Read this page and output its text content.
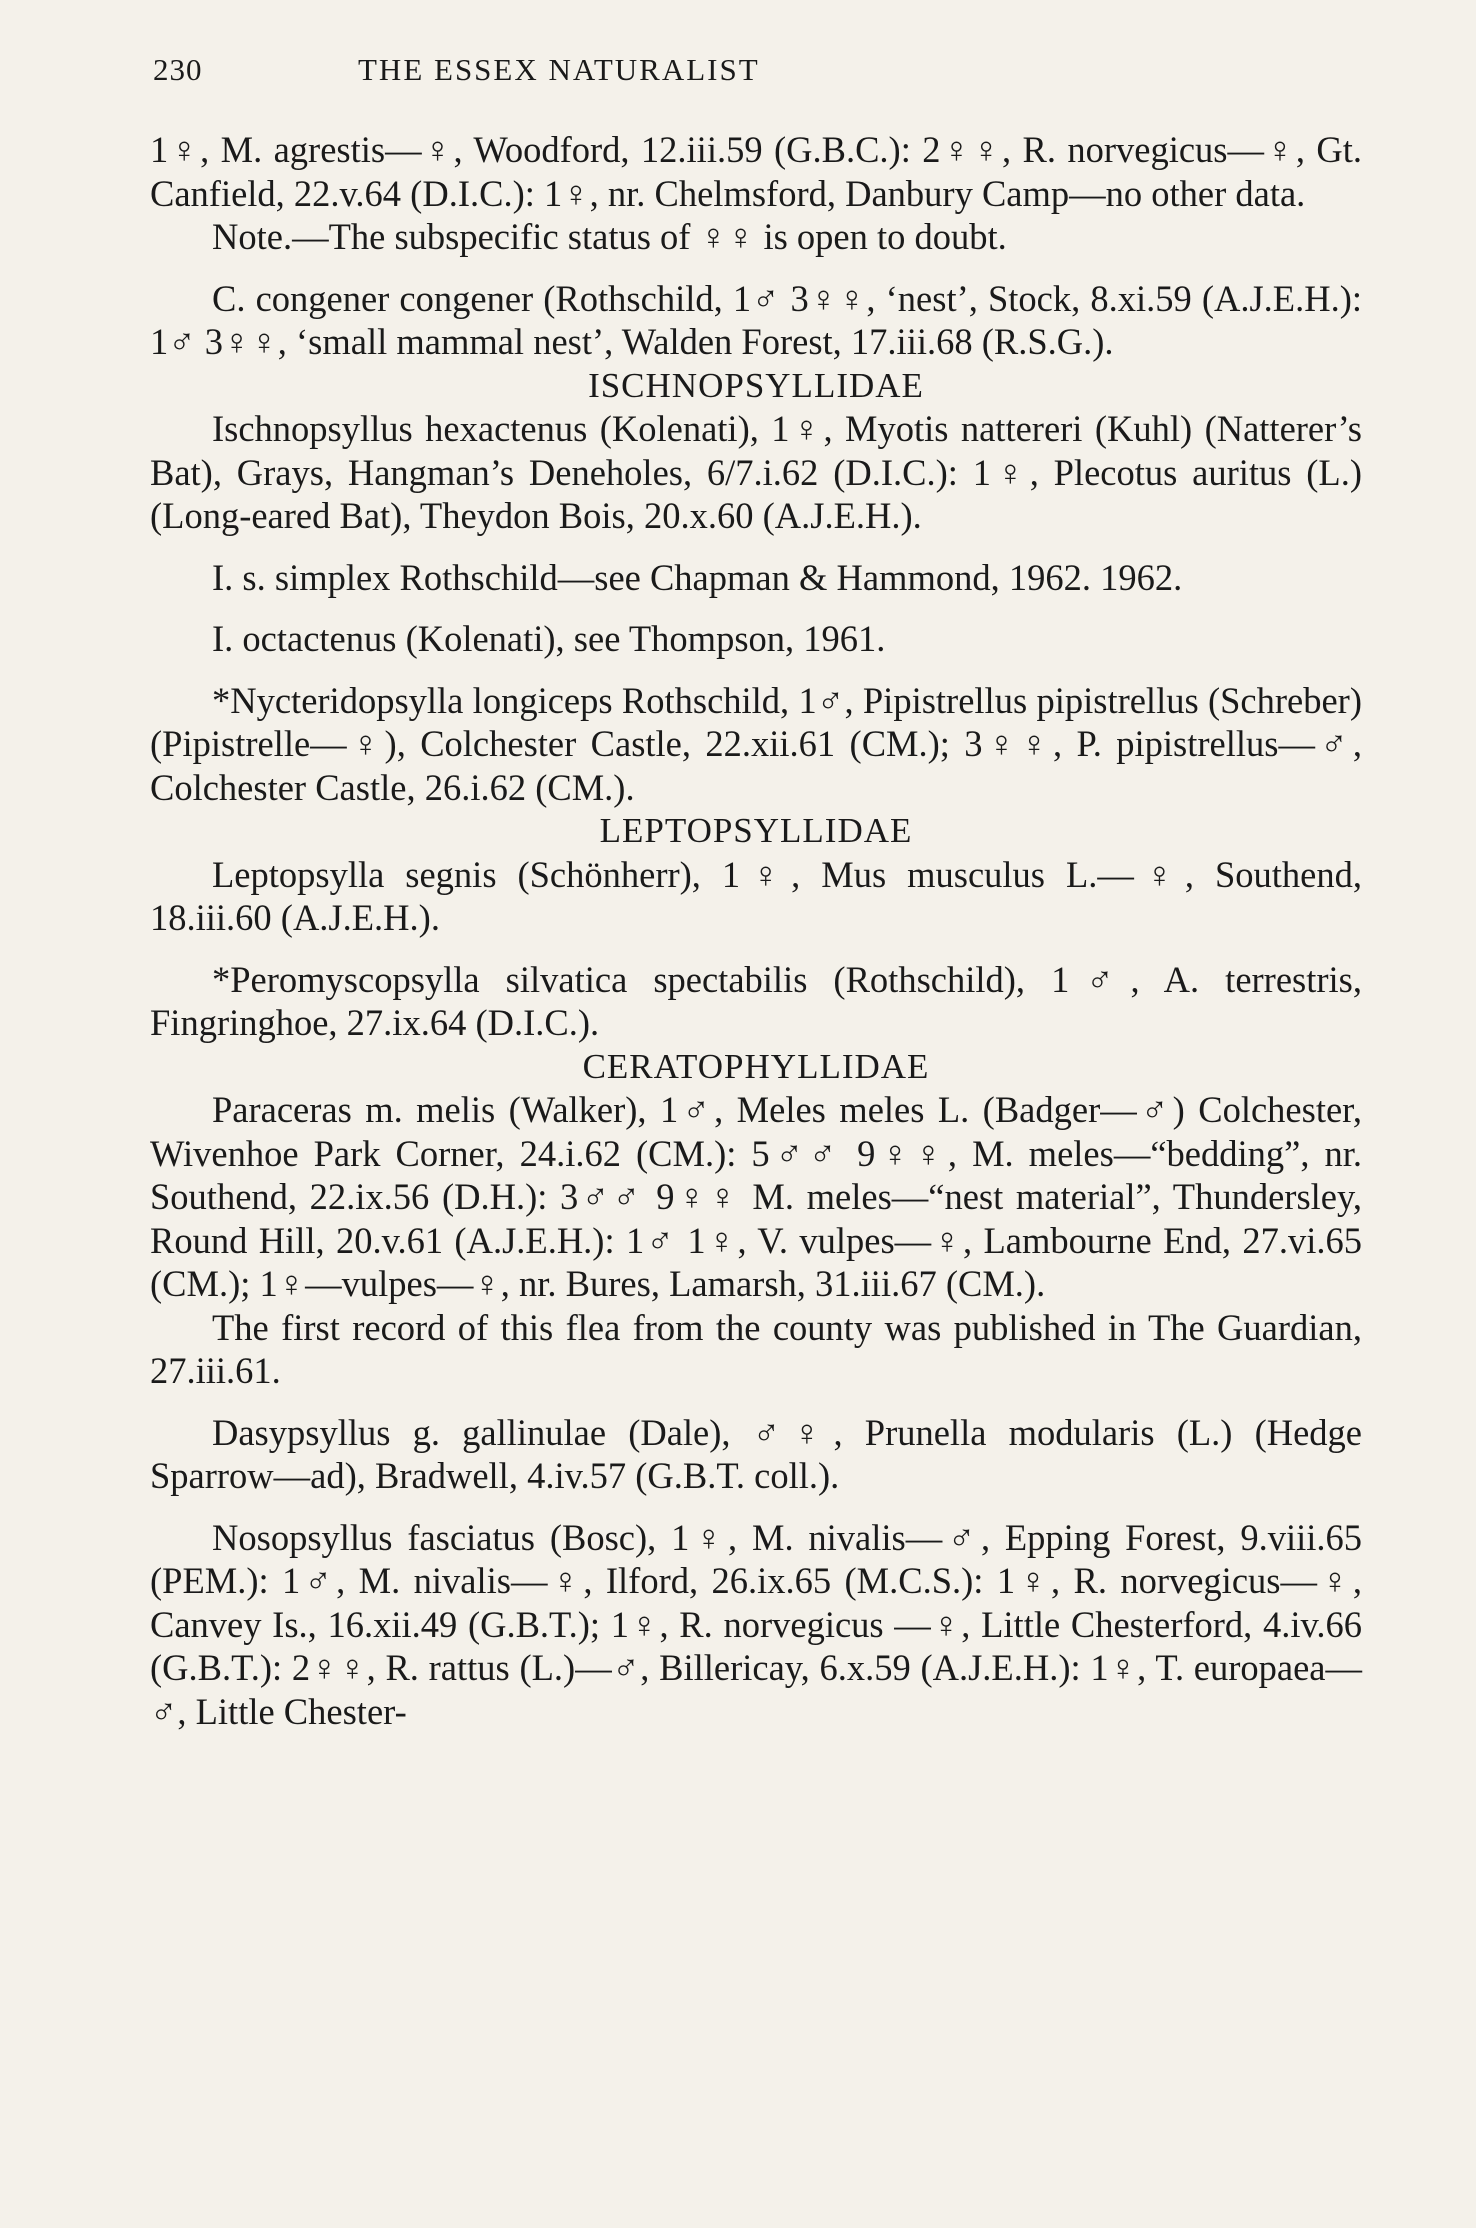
230	THE ESSEX NATURALIST

1♀, M. agrestis—♀, Woodford, 12.iii.59 (G.B.C.): 2♀♀, R. norvegicus—♀, Gt. Canfield, 22.v.64 (D.I.C.): 1♀, nr. Chelmsford, Danbury Camp—no other data.

Note.—The subspecific status of ♀♀ is open to doubt.

C. congener congener (Rothschild, 1♂ 3♀♀, ‘nest’, Stock, 8.xi.59 (A.J.E.H.): 1♂ 3♀♀, ‘small mammal nest’, Walden Forest, 17.iii.68 (R.S.G.).

ISCHNOPSYLLIDAE

Ischnopsyllus hexactenus (Kolenati), 1♀, Myotis nattereri (Kuhl) (Natterer’s Bat), Grays, Hangman’s Deneholes, 6/7.i.62 (D.I.C.): 1♀, Plecotus auritus (L.) (Long-eared Bat), Theydon Bois, 20.x.60 (A.J.E.H.).

I. s. simplex Rothschild—see Chapman & Hammond, 1962. 1962.

I. octactenus (Kolenati), see Thompson, 1961.

*Nycteridopsylla longiceps Rothschild, 1♂, Pipistrellus pipistrellus (Schreber) (Pipistrelle—♀), Colchester Castle, 22.xii.61 (CM.); 3♀♀, P. pipistrellus—♂, Colchester Castle, 26.i.62 (CM.).

LEPTOPSYLLIDAE

Leptopsylla segnis (Schönherr), 1♀, Mus musculus L.—♀, Southend, 18.iii.60 (A.J.E.H.).

*Peromyscopsylla silvatica spectabilis (Rothschild), 1♂, A. terrestris, Fingringhoe, 27.ix.64 (D.I.C.).

CERATOPHYLLIDAE

Paraceras m. melis (Walker), 1♂, Meles meles L. (Badger—♂) Colchester, Wivenhoe Park Corner, 24.i.62 (CM.): 5♂♂ 9♀♀, M. meles—“bedding”, nr. Southend, 22.ix.56 (D.H.): 3♂♂ 9♀♀ M. meles—“nest material”, Thundersley, Round Hill, 20.v.61 (A.J.E.H.): 1♂ 1♀, V. vulpes—♀, Lambourne End, 27.vi.65 (CM.); 1♀—vulpes—♀, nr. Bures, Lamarsh, 31.iii.67 (CM.).

The first record of this flea from the county was published in The Guardian, 27.iii.61.

Dasypsyllus g. gallinulae (Dale), ♂♀, Prunella modularis (L.) (Hedge Sparrow—ad), Bradwell, 4.iv.57 (G.B.T. coll.).

Nosopsyllus fasciatus (Bosc), 1♀, M. nivalis—♂, Epping Forest, 9.viii.65 (PEM.): 1♂, M. nivalis—♀, Ilford, 26.ix.65 (M.C.S.): 1♀, R. norvegicus—♀, Canvey Is., 16.xii.49 (G.B.T.); 1♀, R. norvegicus —♀, Little Chesterford, 4.iv.66 (G.B.T.): 2♀♀, R. rattus (L.)—♂, Billericay, 6.x.59 (A.J.E.H.): 1♀, T. europaea—♂, Little Chester-
